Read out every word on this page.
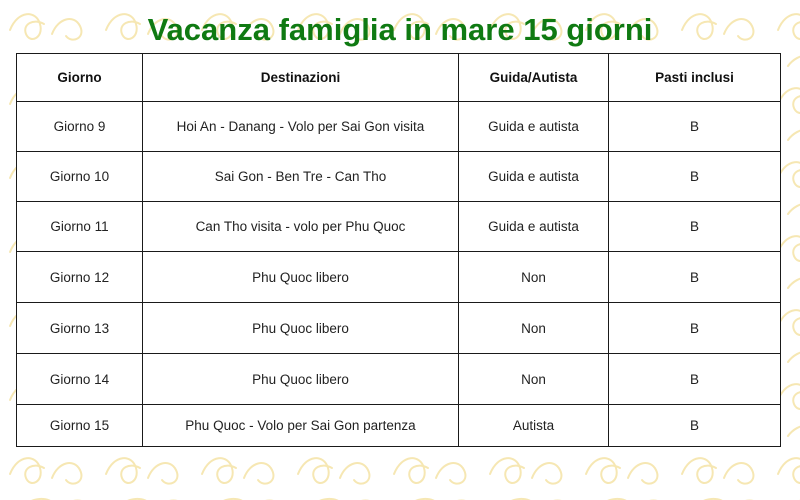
Vacanza famiglia in mare 15 giorni
Giorno	Destinazioni	Guida/Autista	Pasti inclusi
Giorno 9	Hoi An - Danang - Volo per Sai Gon visita	Guida e autista	B
Giorno 10	Sai Gon - Ben Tre - Can Tho	Guida e autista	B
Giorno 11	Can Tho visita - volo per Phu Quoc	Guida e autista	B
Giorno 12	Phu Quoc libero	Non	B
Giorno 13	Phu Quoc libero	Non	B
Giorno 14	Phu Quoc libero	Non	B
Giorno 15	Phu Quoc - Volo per Sai Gon partenza	Autista	B
